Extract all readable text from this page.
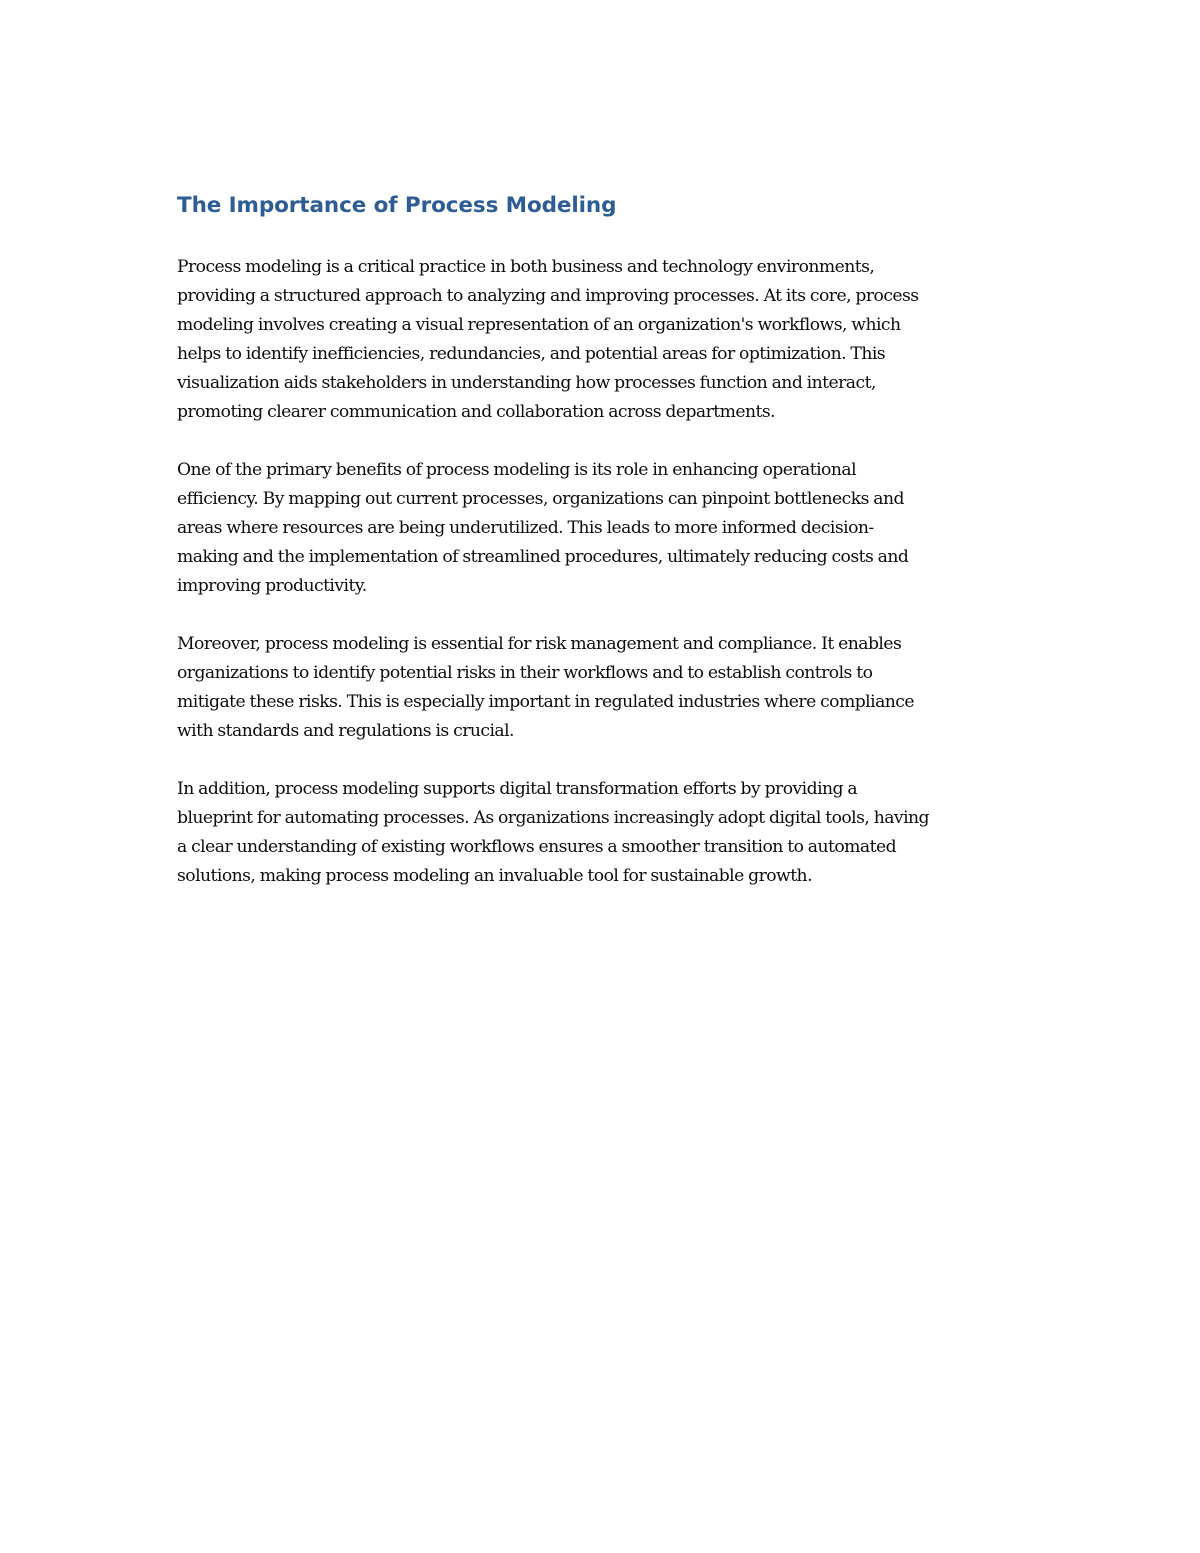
The Importance of Process Modeling

Process modeling is a critical practice in both business and technology environments,
providing a structured approach to analyzing and improving processes. At its core, process
modeling involves creating a visual representation of an organization's workflows, which
helps to identify inefficiencies, redundancies, and potential areas for optimization. This
visualization aids stakeholders in understanding how processes function and interact,
promoting clearer communication and collaboration across departments.

One of the primary benefits of process modeling is its role in enhancing operational
efficiency. By mapping out current processes, organizations can pinpoint bottlenecks and
areas where resources are being underutilized. This leads to more informed decision-
making and the implementation of streamlined procedures, ultimately reducing costs and
improving productivity.

Moreover, process modeling is essential for risk management and compliance. It enables
organizations to identify potential risks in their workflows and to establish controls to
mitigate these risks. This is especially important in regulated industries where compliance
with standards and regulations is crucial.

In addition, process modeling supports digital transformation efforts by providing a
blueprint for automating processes. As organizations increasingly adopt digital tools, having
a clear understanding of existing workflows ensures a smoother transition to automated
solutions, making process modeling an invaluable tool for sustainable growth.
